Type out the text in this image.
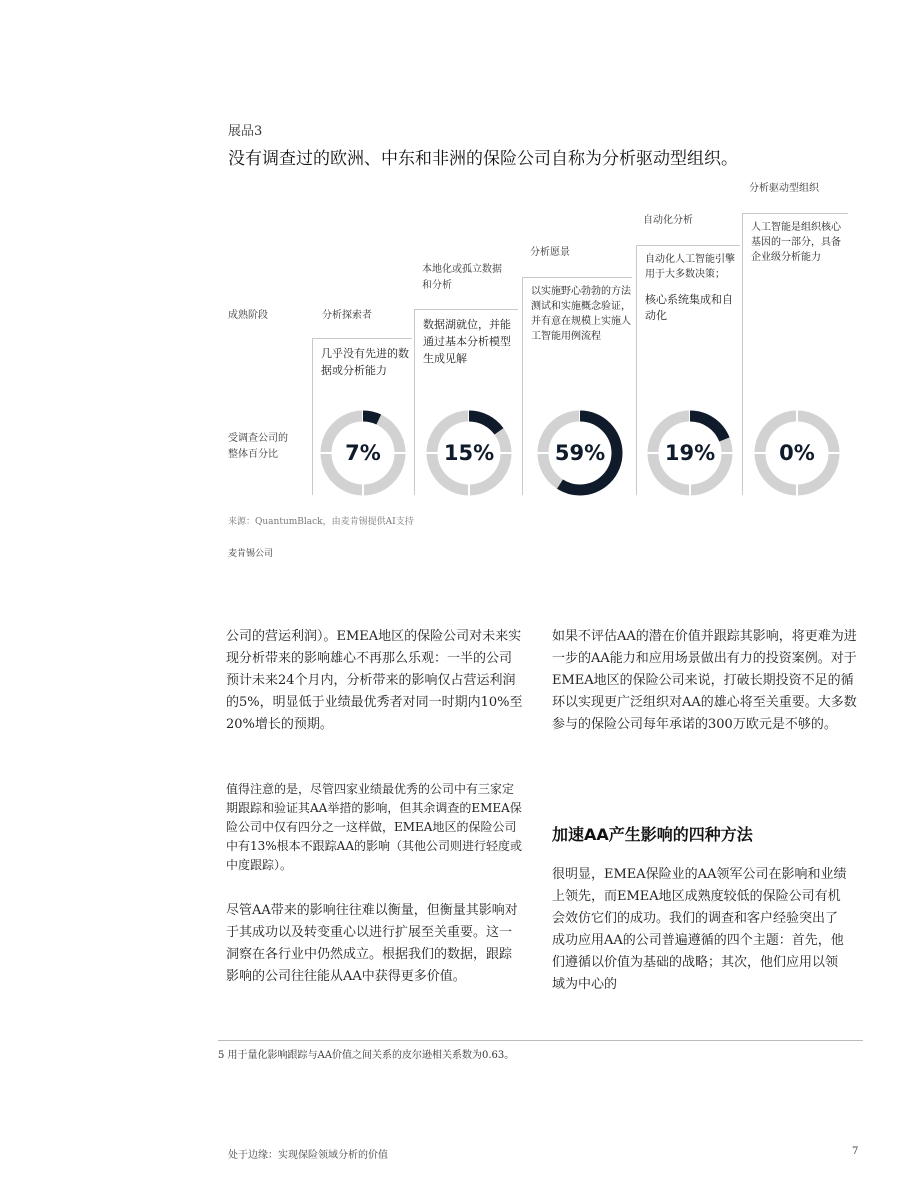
展品3
没有调查过的欧洲、中东和非洲的保险公司自称为分析驱动型组织。
成熟阶段
受调查公司的
整体百分比
分析探索者
几乎没有先进的数据或分析能力
本地化或孤立数据和分析
数据湖就位，并能通过基本分析模型生成见解
分析愿景
以实施野心勃勃的方法测试和实施概念验证，并有意在规模上实施人工智能用例流程
自动化分析
自动化人工智能引擎用于大多数决策；
核心系统集成和自动化
分析驱动型组织
人工智能是组织核心基因的一部分，具备企业级分析能力
7%	15%	59%	19%	0%
来源：QuantumBlack，由麦肯锡提供AI支持
麦肯锡公司
公司的营运利润）。EMEA地区的保险公司对未来实现分析带来的影响雄心不再那么乐观：一半的公司预计未来24个月内，分析带来的影响仅占营运利润的5%，明显低于业绩最优秀者对同一时期内10%至20%增长的预期。
值得注意的是，尽管四家业绩最优秀的公司中有三家定期跟踪和验证其AA举措的影响，但其余调查的EMEA保险公司中仅有四分之一这样做，EMEA地区的保险公司中有13%根本不跟踪AA的影响（其他公司则进行轻度或中度跟踪）。
尽管AA带来的影响往往难以衡量，但衡量其影响对于其成功以及转变重心以进行扩展至关重要。这一洞察在各行业中仍然成立。根据我们的数据，跟踪影响的公司往往能从AA中获得更多价值。
如果不评估AA的潜在价值并跟踪其影响，将更难为进一步的AA能力和应用场景做出有力的投资案例。对于EMEA地区的保险公司来说，打破长期投资不足的循环以实现更广泛组织对AA的雄心将至关重要。大多数参与的保险公司每年承诺的300万欧元是不够的。
加速AA产生影响的四种方法
很明显，EMEA保险业的AA领军公司在影响和业绩上领先，而EMEA地区成熟度较低的保险公司有机会效仿它们的成功。我们的调查和客户经验突出了成功应用AA的公司普遍遵循的四个主题：首先，他们遵循以价值为基础的战略；其次，他们应用以领域为中心的
5 用于量化影响跟踪与AA价值之间关系的皮尔逊相关系数为0.63。
处于边缘：实现保险领域分析的价值	7
